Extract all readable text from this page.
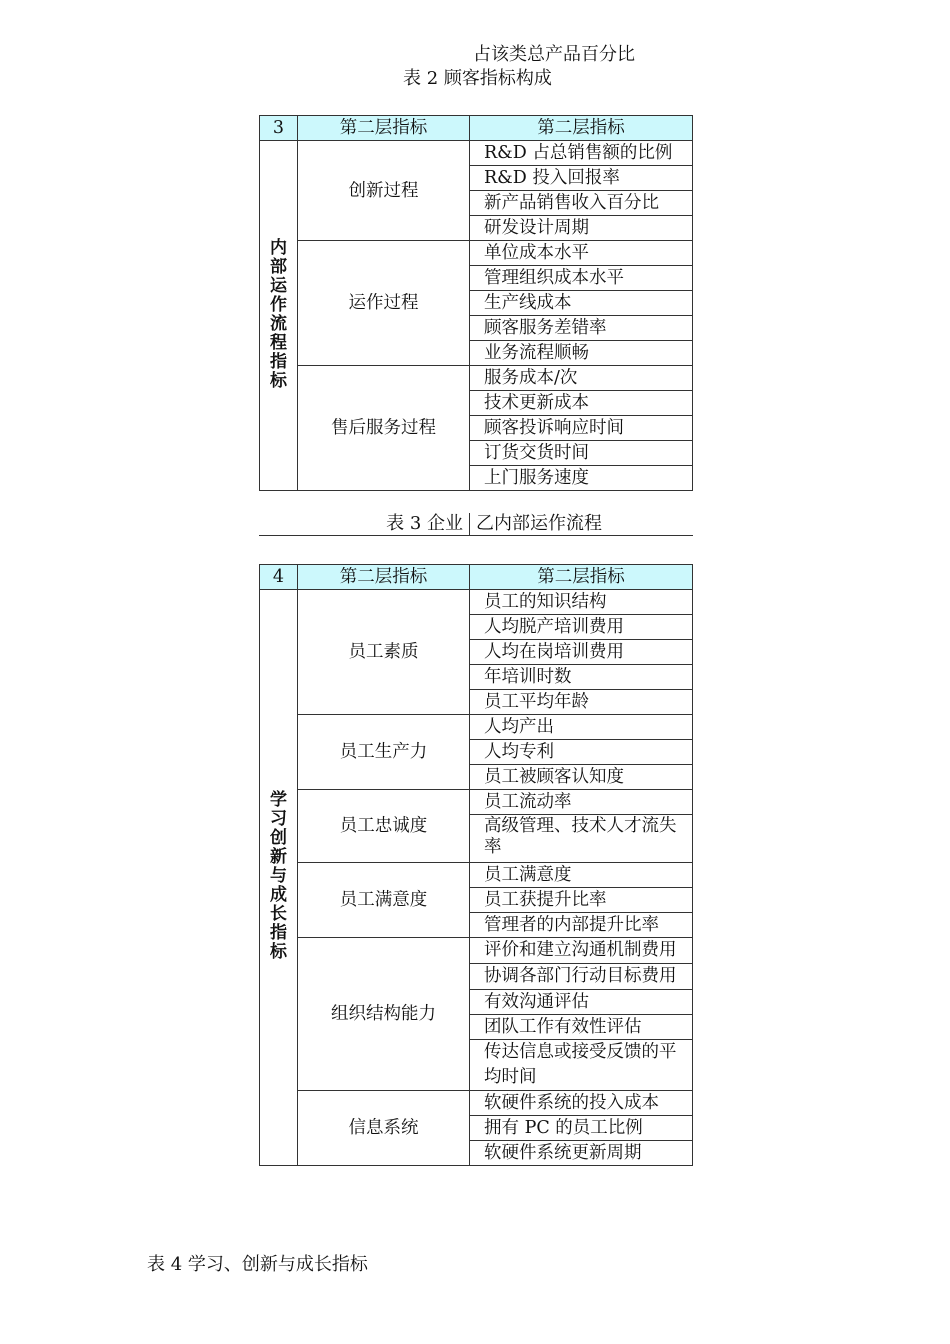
占该类总产品百分比
表 2 顾客指标构成
3	第二层指标	第二层指标
内部运作流程指标	创新过程	R&D 占总销售额的比例
		R&D 投入回报率
		新产品销售收入百分比
		研发设计周期
	运作过程	单位成本水平
		管理组织成本水平
		生产线成本
		顾客服务差错率
		业务流程顺畅
	售后服务过程	服务成本/次
		技术更新成本
		顾客投诉响应时间
		订货交货时间
		上门服务速度
表 3 企业 乙内部运作流程
4	第二层指标	第二层指标
学习创新与成长指标	员工素质	员工的知识结构
		人均脱产培训费用
		人均在岗培训费用
		年培训时数
		员工平均年龄
	员工生产力	人均产出
		人均专利
		员工被顾客认知度
	员工忠诚度	员工流动率
		高级管理、技术人才流失率
	员工满意度	员工满意度
		员工获提升比率
		管理者的内部提升比率
	组织结构能力	评价和建立沟通机制费用
		协调各部门行动目标费用
		有效沟通评估
		团队工作有效性评估
		传达信息或接受反馈的平均时间
	信息系统	软硬件系统的投入成本
		拥有 PC 的员工比例
		软硬件系统更新周期
表 4 学习、创新与成长指标
